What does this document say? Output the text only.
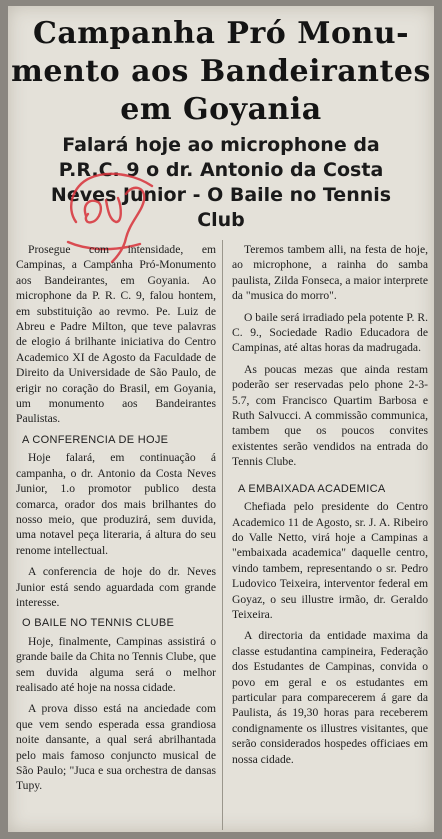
Campanha Pró Monu-
mento aos Bandeirantes
em Goyania
Falará hoje ao microphone da
P.R.C. 9 o dr. Antonio da Costa
Neves Junior - O Baile no Tennis
Club

Prosegue com intensidade, em Campinas, a Campanha Pró-Monumento aos Bandeirantes, em Goyania. Ao microphone da P. R. C. 9, falou hontem, em substituição ao revmo. Pe. Luiz de Abreu e Padre Milton, que teve palavras de elogio á brilhante iniciativa do Centro Academico XI de Agosto da Faculdade de Direito da Universidade de São Paulo, de erigir no coração do Brasil, em Goyania, um monumento aos Bandeirantes Paulistas.

A CONFERENCIA DE HOJE

Hoje falará, em continuação á campanha, o dr. Antonio da Costa Neves Junior, 1.o promotor publico desta comarca, orador dos mais brilhantes do nosso meio, que produzirá, sem duvida, uma notavel peça literaria, á altura do seu renome intellectual.

A conferencia de hoje do dr. Neves Junior está sendo aguardada com grande interesse.

O BAILE NO TENNIS CLUBE

Hoje, finalmente, Campinas assistirá o grande baile da Chita no Tennis Clube, que sem duvida alguma será o melhor realisado até hoje na nossa cidade.

A prova disso está na anciedade com que vem sendo esperada essa grandiosa noite dansante, a qual será abrilhantada pelo mais famoso conjuncto musical de São Paulo; "Juca e sua orchestra de dansas Tupy.

Teremos tambem alli, na festa de hoje, ao microphone, a rainha do samba paulista, Zilda Fonseca, a maior interprete da "musica do morro".

O baile será irradiado pela potente P. R. C. 9., Sociedade Radio Educadora de Campinas, até altas horas da madrugada.

As poucas mezas que ainda restam poderão ser reservadas pelo phone 2-3-5.7, com Francisco Quartim Barbosa e Ruth Salvucci. A commissão communica, tambem que os poucos convites existentes serão vendidos na entrada do Tennis Clube.

A EMBAIXADA ACADEMICA

Chefiada pelo presidente do Centro Academico 11 de Agosto, sr. J. A. Ribeiro do Valle Netto, virá hoje a Campinas a "embaixada academica" daquelle centro, vindo tambem, representando o sr. Pedro Ludovico Teixeira, interventor federal em Goyaz, o seu illustre irmão, dr. Geraldo Teixeira.

A directoria da entidade maxima da classe estudantina campineira, Federação dos Estudantes de Campinas, convida o povo em geral e os estudantes em particular para comparecerem á gare da Paulista, ás 19,30 horas para receberem condignamente os illustres visitantes, que serão considerados hospedes officiaes em nossa cidade.
